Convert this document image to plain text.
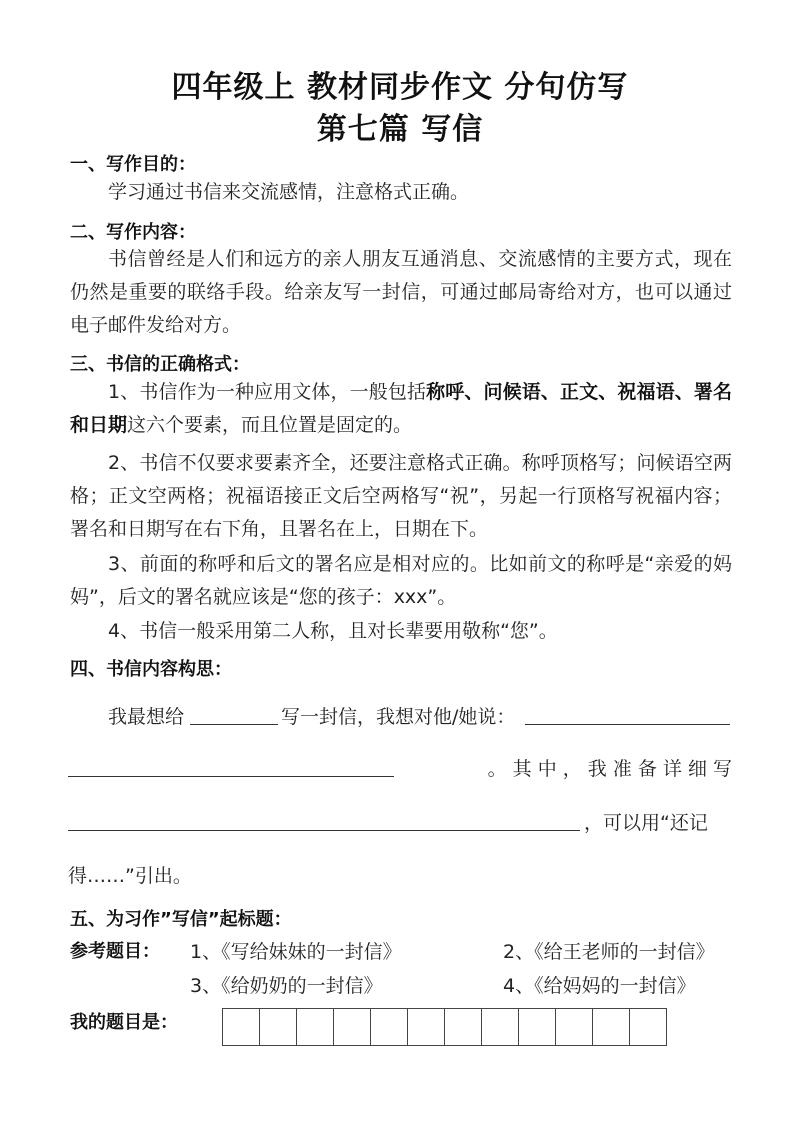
四年级上 教材同步作文 分句仿写
第七篇 写信
一、写作目的：
学习通过书信来交流感情，注意格式正确。
二、写作内容：
书信曾经是人们和远方的亲人朋友互通消息、交流感情的主要方式，现在仍然是重要的联络手段。给亲友写一封信，可通过邮局寄给对方，也可以通过电子邮件发给对方。
三、书信的正确格式：
1、书信作为一种应用文体，一般包括称呼、问候语、正文、祝福语、署名和日期这六个要素，而且位置是固定的。
2、书信不仅要求要素齐全，还要注意格式正确。称呼顶格写；问候语空两格；正文空两格；祝福语接正文后空两格写“祝”，另起一行顶格写祝福内容；署名和日期写在右下角，且署名在上，日期在下。
3、前面的称呼和后文的署名应是相对应的。比如前文的称呼是“亲爱的妈妈”，后文的署名就应该是“您的孩子：xxx”。
4、书信一般采用第二人称，且对长辈要用敬称“您”。
四、书信内容构思：
我最想给	写一封信，我想对他/她说：
。 其 中 ， 我 准 备 详 细 写
，可以用“还记
得……”引出。
五、为习作”写信”起标题：
参考题目： 1、《写给妹妹的一封信》	2、《给王老师的一封信》
3、《给奶奶的一封信》	4、《给妈妈的一封信》
我的题目是：
